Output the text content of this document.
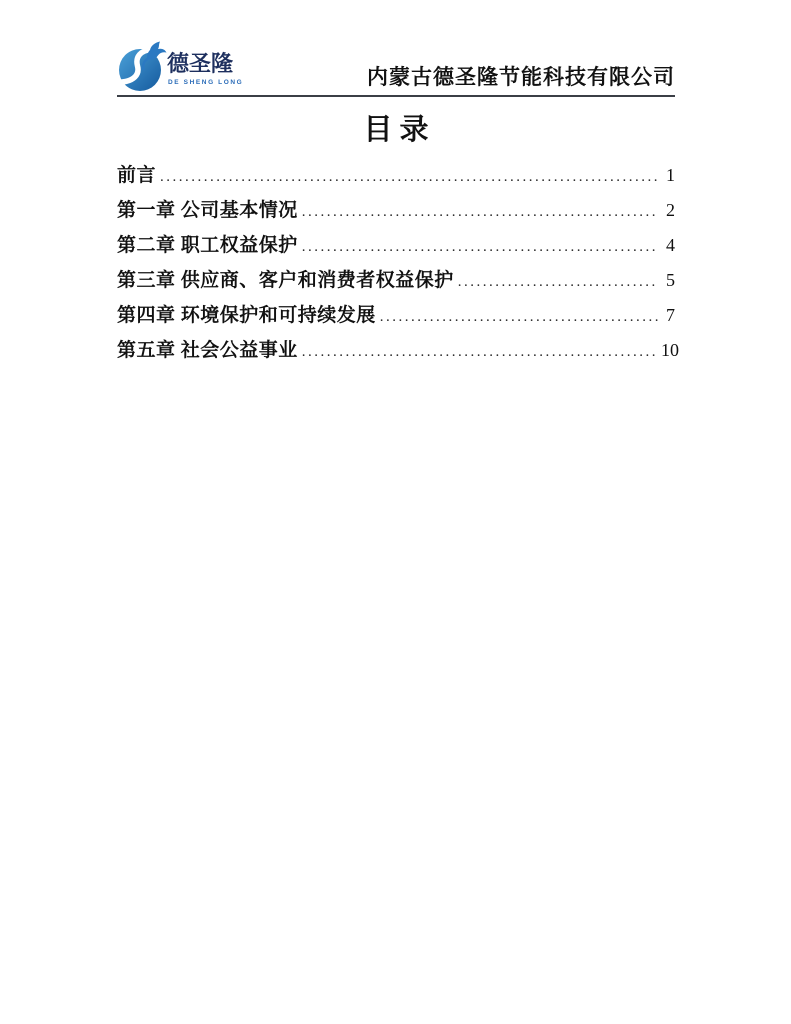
德圣隆
DE SHENG LONG	内蒙古德圣隆节能科技有限公司
目录
前言 .....	1
第一章 公司基本情况 .....	2
第二章 职工权益保护 .....	4
第三章 供应商、客户和消费者权益保护 .....	5
第四章 环境保护和可持续发展 .....	7
第五章 社会公益事业 .....	10
